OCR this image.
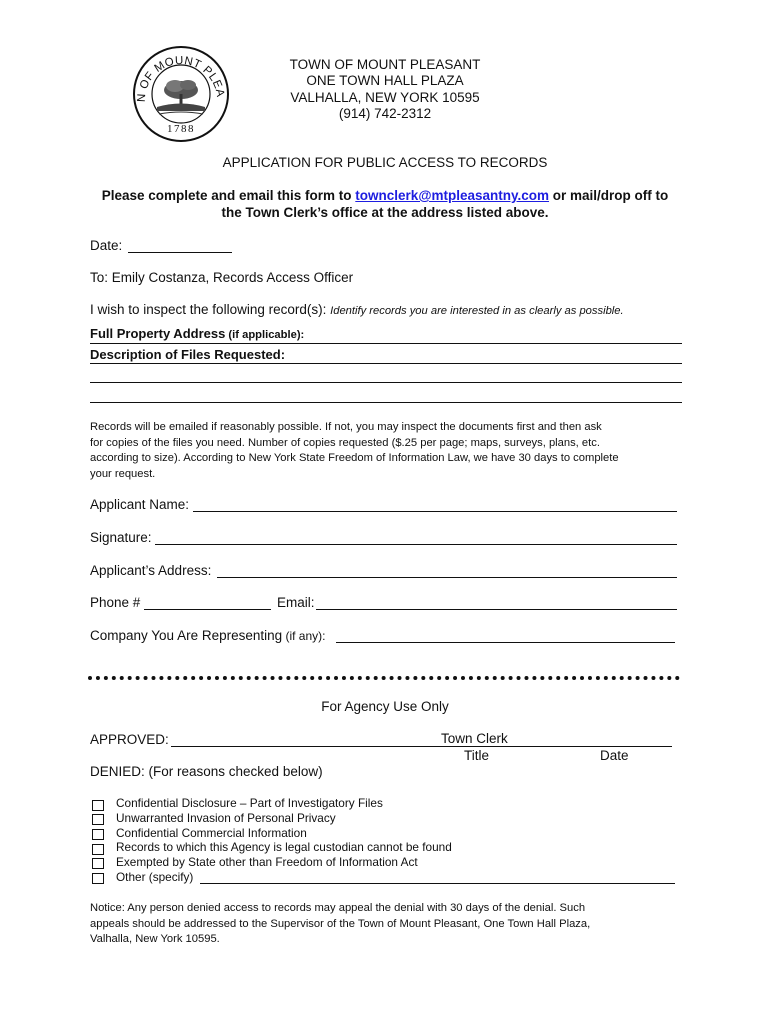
N OF MOUNT PLEA
1788
TOWN OF MOUNT PLEASANT
ONE TOWN HALL PLAZA
VALHALLA, NEW YORK 10595
(914) 742-2312
APPLICATION FOR PUBLIC ACCESS TO RECORDS
Please complete and email this form to townclerk@mtpleasantny.com or mail/drop off to
the Town Clerk’s office at the address listed above.
Date:
To: Emily Costanza, Records Access Officer
I wish to inspect the following record(s): Identify records you are interested in as clearly as possible.
Full Property Address (if applicable):
Description of Files Requested:
Records will be emailed if reasonably possible. If not, you may inspect the documents first and then ask
for copies of the files you need. Number of copies requested ($.25 per page; maps, surveys, plans, etc.
according to size). According to New York State Freedom of Information Law, we have 30 days to complete
your request.
Applicant Name:
Signature:
Applicant’s Address:
Phone #	Email:
Company You Are Representing (if any):
For Agency Use Only
APPROVED:	Town Clerk
Title	Date
DENIED: (For reasons checked below)
Confidential Disclosure – Part of Investigatory Files
Unwarranted Invasion of Personal Privacy
Confidential Commercial Information
Records to which this Agency is legal custodian cannot be found
Exempted by State other than Freedom of Information Act
Other (specify)
Notice: Any person denied access to records may appeal the denial with 30 days of the denial. Such
appeals should be addressed to the Supervisor of the Town of Mount Pleasant, One Town Hall Plaza,
Valhalla, New York 10595.
